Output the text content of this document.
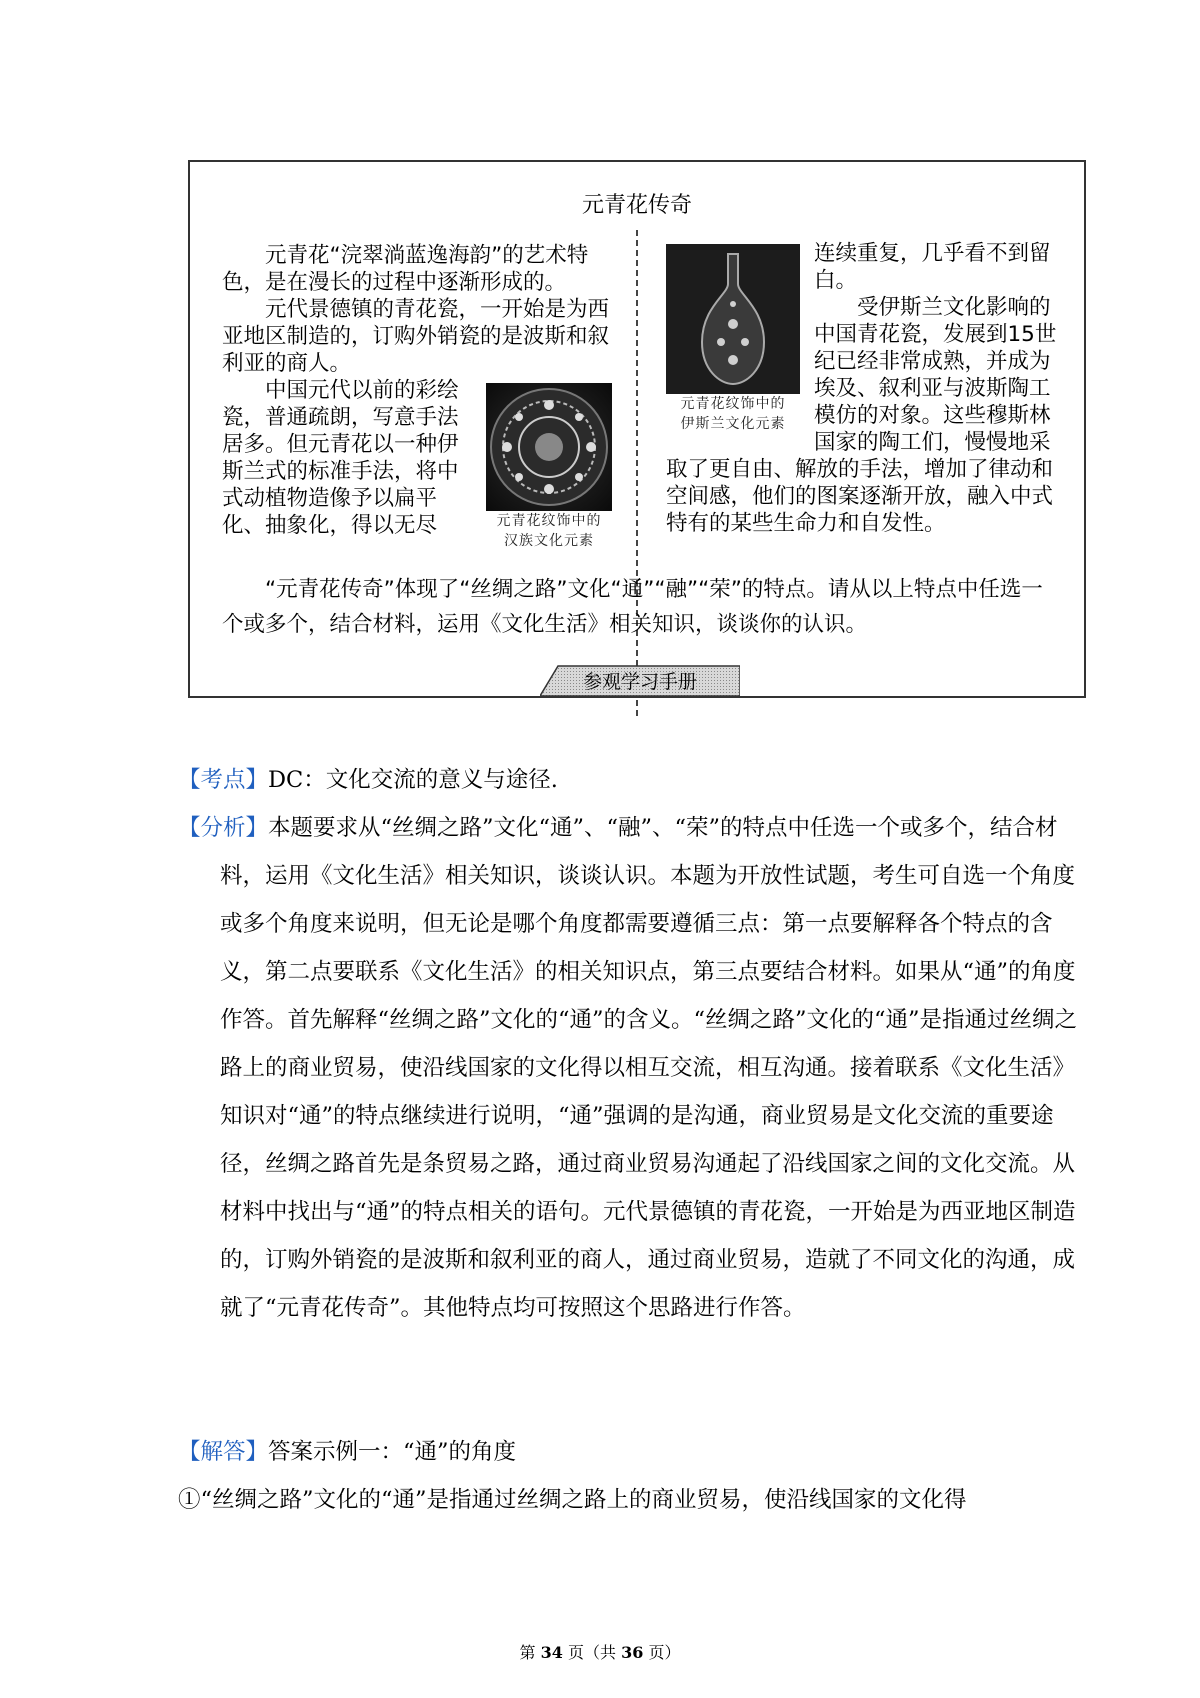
元青花传奇

元青花“浣翠淌蓝逸海韵”的艺术特色，是在漫长的过程中逐渐形成的。

元代景德镇的青花瓷，一开始是为西亚地区制造的，订购外销瓷的是波斯和叙利亚的商人。

元青花纹饰中的
汉族文化元素

中国元代以前的彩绘瓷，普通疏朗，写意手法居多。但元青花以一种伊斯兰式的标准手法，将中式动植物造像予以扁平化、抽象化，得以无尽

元青花纹饰中的
伊斯兰文化元素

连续重复，几乎看不到留白。

受伊斯兰文化影响的中国青花瓷，发展到15世纪已经非常成熟，并成为埃及、叙利亚与波斯陶工模仿的对象。这些穆斯林国家的陶工们，慢慢地采取了更自由、解放的手法，增加了律动和空间感，他们的图案逐渐开放，融入中式特有的某些生命力和自发性。

“元青花传奇”体现了“丝绸之路”文化“通”“融”“荣”的特点。请从以上特点中任选一个或多个，结合材料，运用《文化生活》相关知识，谈谈你的认识。
参观学习手册
【考点】DC：文化交流的意义与途径.
【分析】本题要求从“丝绸之路”文化“通”、“融”、“荣”的特点中任选一个或多个，结合材料，运用《文化生活》相关知识，谈谈认识。本题为开放性试题，考生可自选一个角度或多个角度来说明，但无论是哪个角度都需要遵循三点：第一点要解释各个特点的含义，第二点要联系《文化生活》的相关知识点，第三点要结合材料。如果从“通”的角度作答。首先解释“丝绸之路”文化的“通”的含义。“丝绸之路”文化的“通”是指通过丝绸之路上的商业贸易，使沿线国家的文化得以相互交流，相互沟通。接着联系《文化生活》知识对“通”的特点继续进行说明，“通”强调的是沟通，商业贸易是文化交流的重要途径，丝绸之路首先是条贸易之路，通过商业贸易沟通起了沿线国家之间的文化交流。从材料中找出与“通”的特点相关的语句。元代景德镇的青花瓷，一开始是为西亚地区制造的，订购外销瓷的是波斯和叙利亚的商人，通过商业贸易，造就了不同文化的沟通，成就了“元青花传奇”。其他特点均可按照这个思路进行作答。
【解答】答案示例一：“通”的角度
①“丝绸之路”文化的“通”是指通过丝绸之路上的商业贸易，使沿线国家的文化得
第 34 页（共 36 页）
